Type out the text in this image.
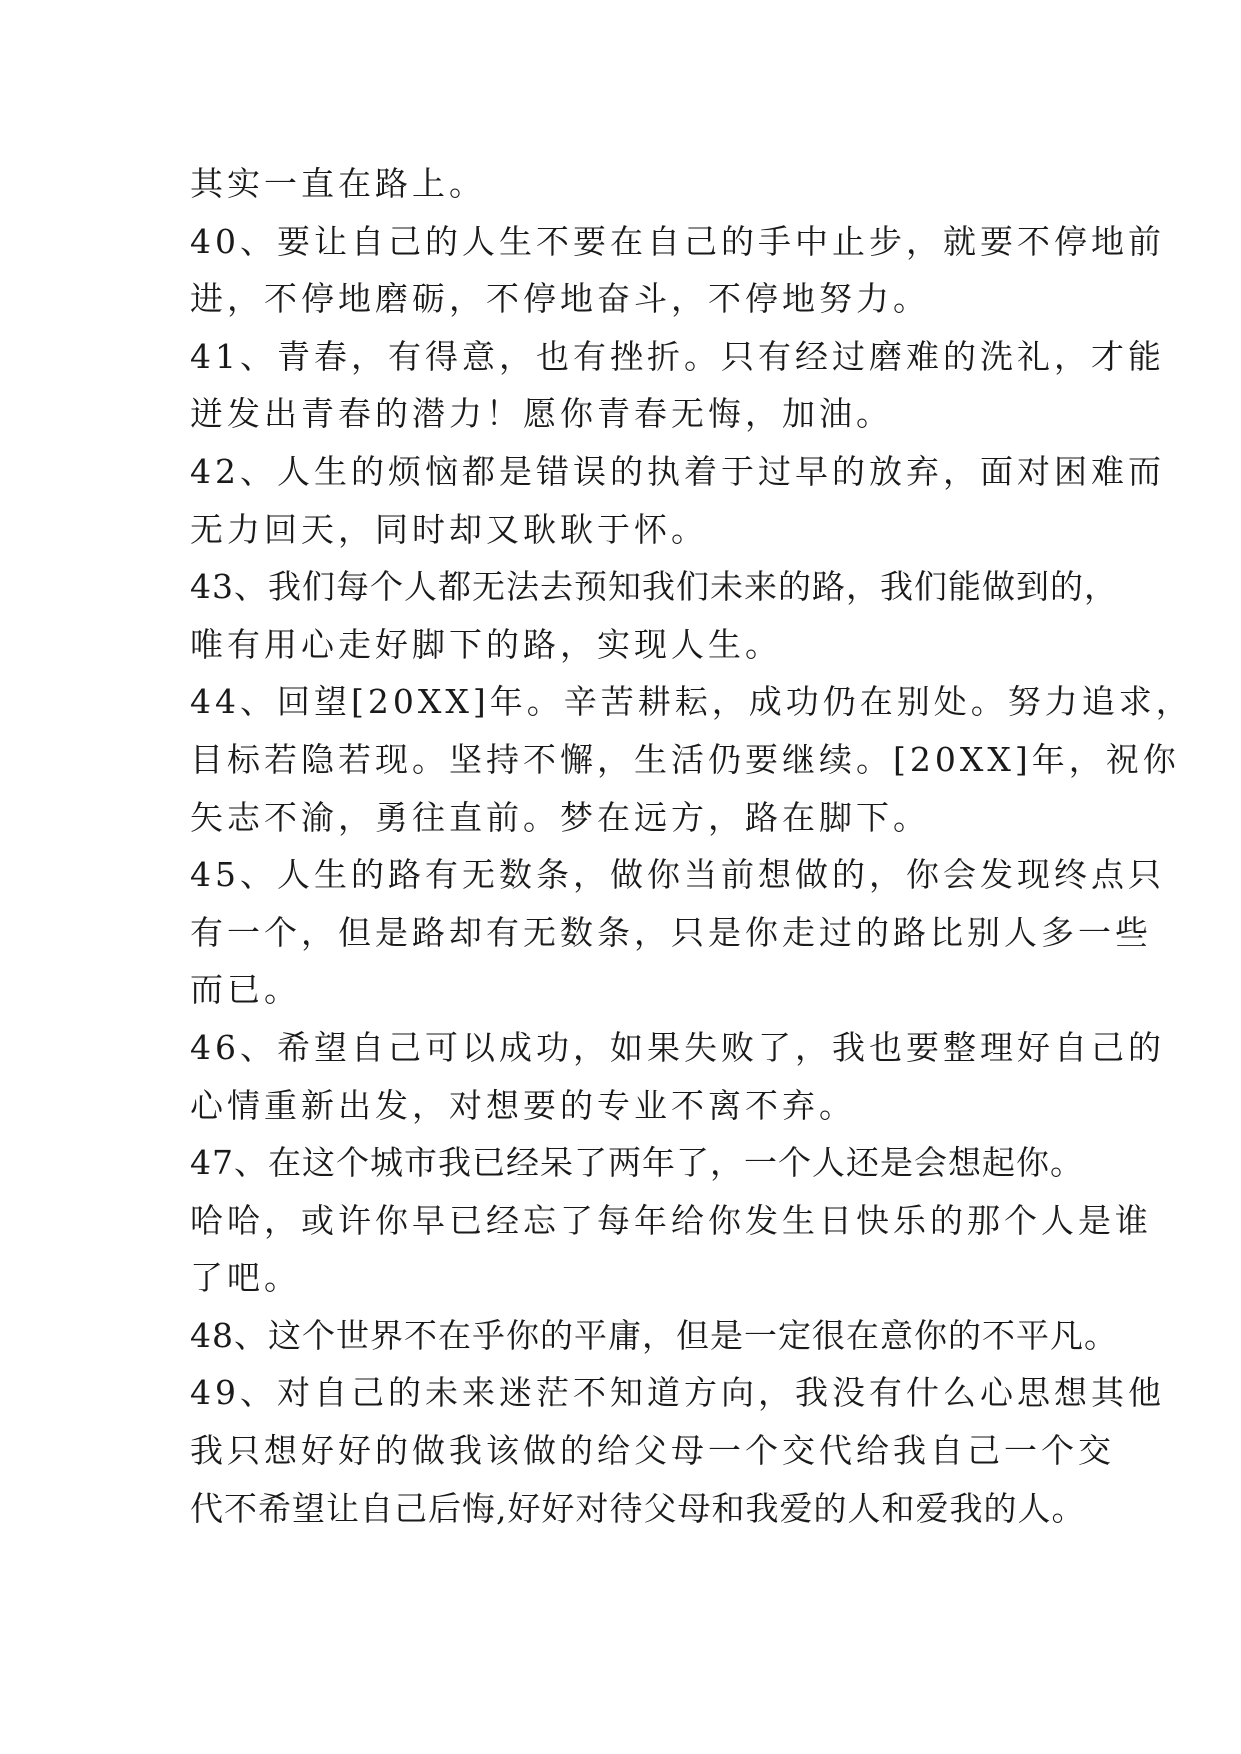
其实一直在路上。
40、要让自己的人生不要在自己的手中止步，就要不停地前
进，不停地磨砺，不停地奋斗，不停地努力。
41、青春，有得意，也有挫折。只有经过磨难的洗礼，才能
迸发出青春的潜力！愿你青春无悔，加油。
42、人生的烦恼都是错误的执着于过早的放弃，面对困难而
无力回天，同时却又耿耿于怀。
43、我们每个人都无法去预知我们未来的路，我们能做到的，
唯有用心走好脚下的路，实现人生。
44、回望[20XX]年。辛苦耕耘，成功仍在别处。努力追求，
目标若隐若现。坚持不懈，生活仍要继续。[20XX]年，祝你
矢志不渝，勇往直前。梦在远方，路在脚下。
45、人生的路有无数条，做你当前想做的，你会发现终点只
有一个，但是路却有无数条，只是你走过的路比别人多一些
而已。
46、希望自己可以成功，如果失败了，我也要整理好自己的
心情重新出发，对想要的专业不离不弃。
47、在这个城市我已经呆了两年了，一个人还是会想起你。
哈哈，或许你早已经忘了每年给你发生日快乐的那个人是谁
了吧。
48、这个世界不在乎你的平庸，但是一定很在意你的不平凡。
49、对自己的未来迷茫不知道方向，我没有什么心思想其他
我只想好好的做我该做的给父母一个交代给我自己一个交
代不希望让自己后悔,好好对待父母和我爱的人和爱我的人。
